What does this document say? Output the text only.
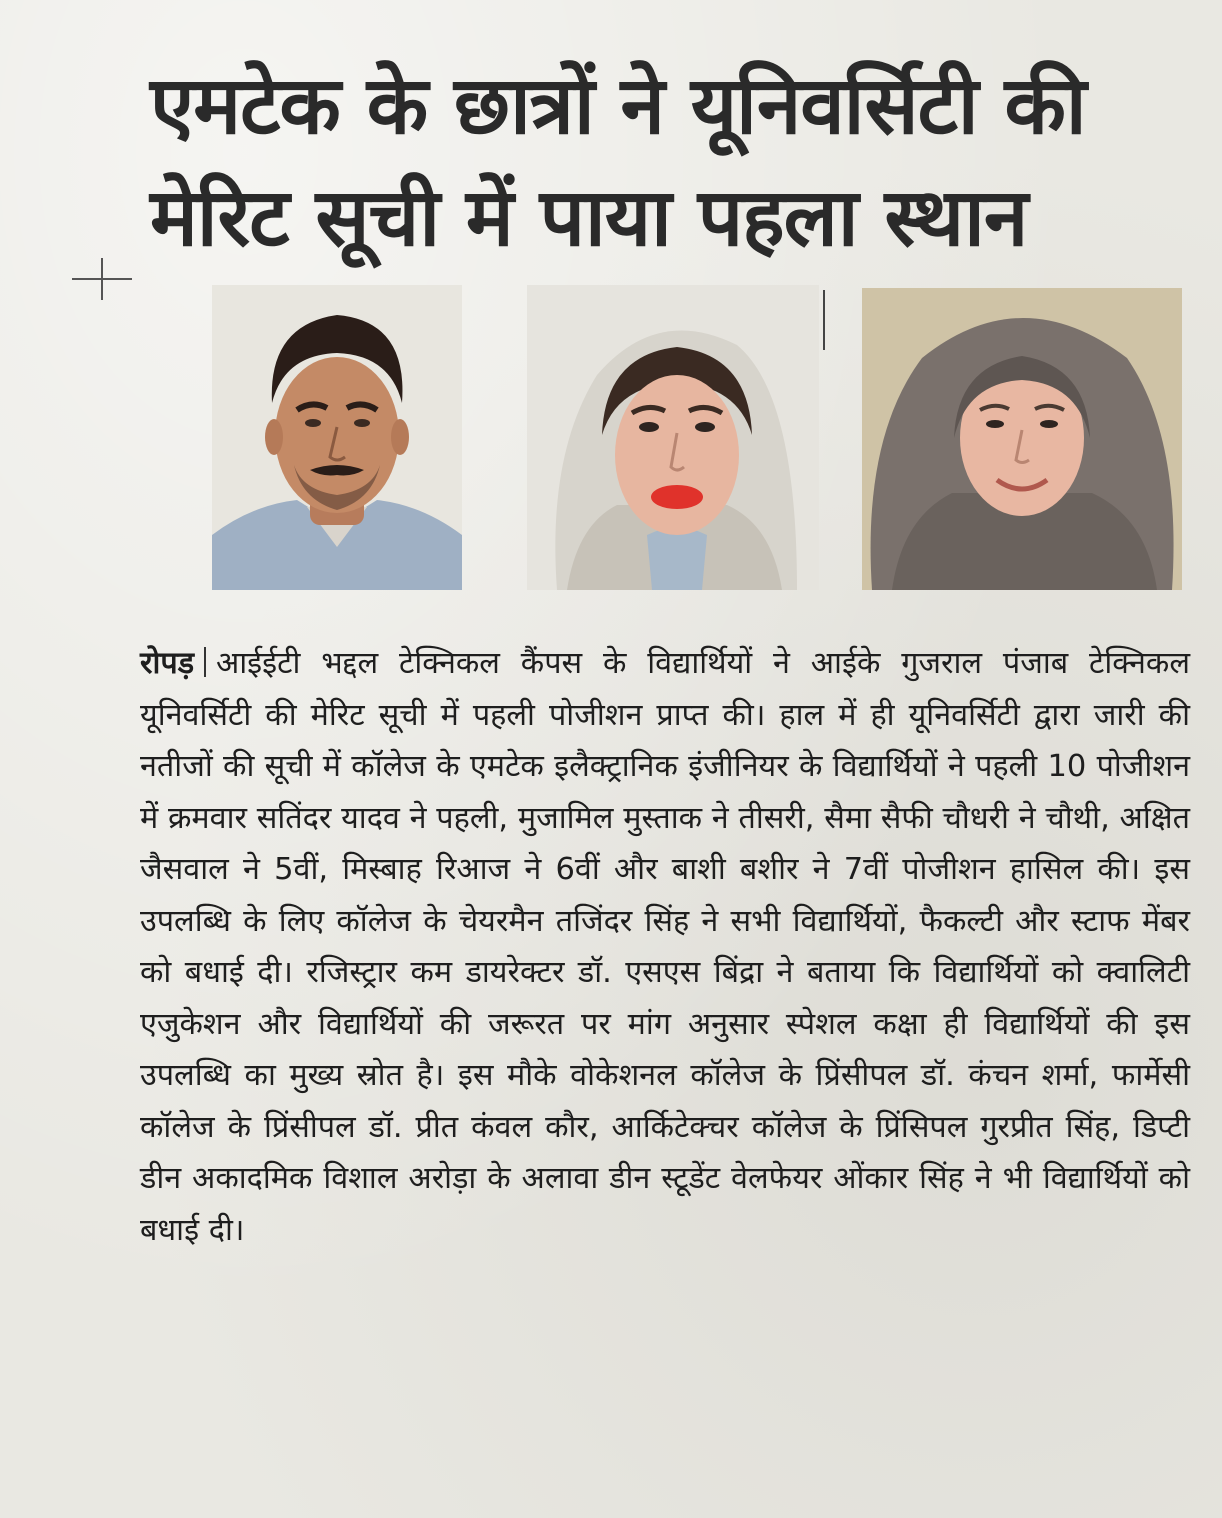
एमटेक के छात्रों ने यूनिवर्सिटी की
मेरिट सूची में पाया पहला स्थान

रोपड़ आईईटी भद्दल टेक्निकल कैंपस के विद्यार्थियों ने आईके गुजराल पंजाब टेक्निकल यूनिवर्सिटी की मेरिट सूची में पहली पोजीशन प्राप्त की। हाल में ही यूनिवर्सिटी द्वारा जारी की नतीजों की सूची में कॉलेज के एमटेक इलैक्ट्रानिक इंजीनियर के विद्यार्थियों ने पहली 10 पोजीशन में क्रमवार सतिंदर यादव ने पहली, मुजामिल मुस्ताक ने तीसरी, सैमा सैफी चौधरी ने चौथी, अक्षित जैसवाल ने 5वीं, मिस्बाह रिआज ने 6वीं और बाशी बशीर ने 7वीं पोजीशन हासिल की। इस उपलब्धि के लिए कॉलेज के चेयरमैन तजिंदर सिंह ने सभी विद्यार्थियों, फैकल्टी और स्टाफ मेंबर को बधाई दी। रजिस्ट्रार कम डायरेक्टर डॉ. एसएस बिंद्रा ने बताया कि विद्यार्थियों को क्वालिटी एजुकेशन और विद्यार्थियों की जरूरत पर मांग अनुसार स्पेशल कक्षा ही विद्यार्थियों की इस उपलब्धि का मुख्य स्रोत है। इस मौके वोकेशनल कॉलेज के प्रिंसीपल डॉ. कंचन शर्मा, फार्मेसी कॉलेज के प्रिंसीपल डॉ. प्रीत कंवल कौर, आर्किटेक्चर कॉलेज के प्रिंसिपल गुरप्रीत सिंह, डिप्टी डीन अकादमिक विशाल अरोड़ा के अलावा डीन स्टूडेंट वेलफेयर ओंकार सिंह ने भी विद्यार्थियों को बधाई दी।
